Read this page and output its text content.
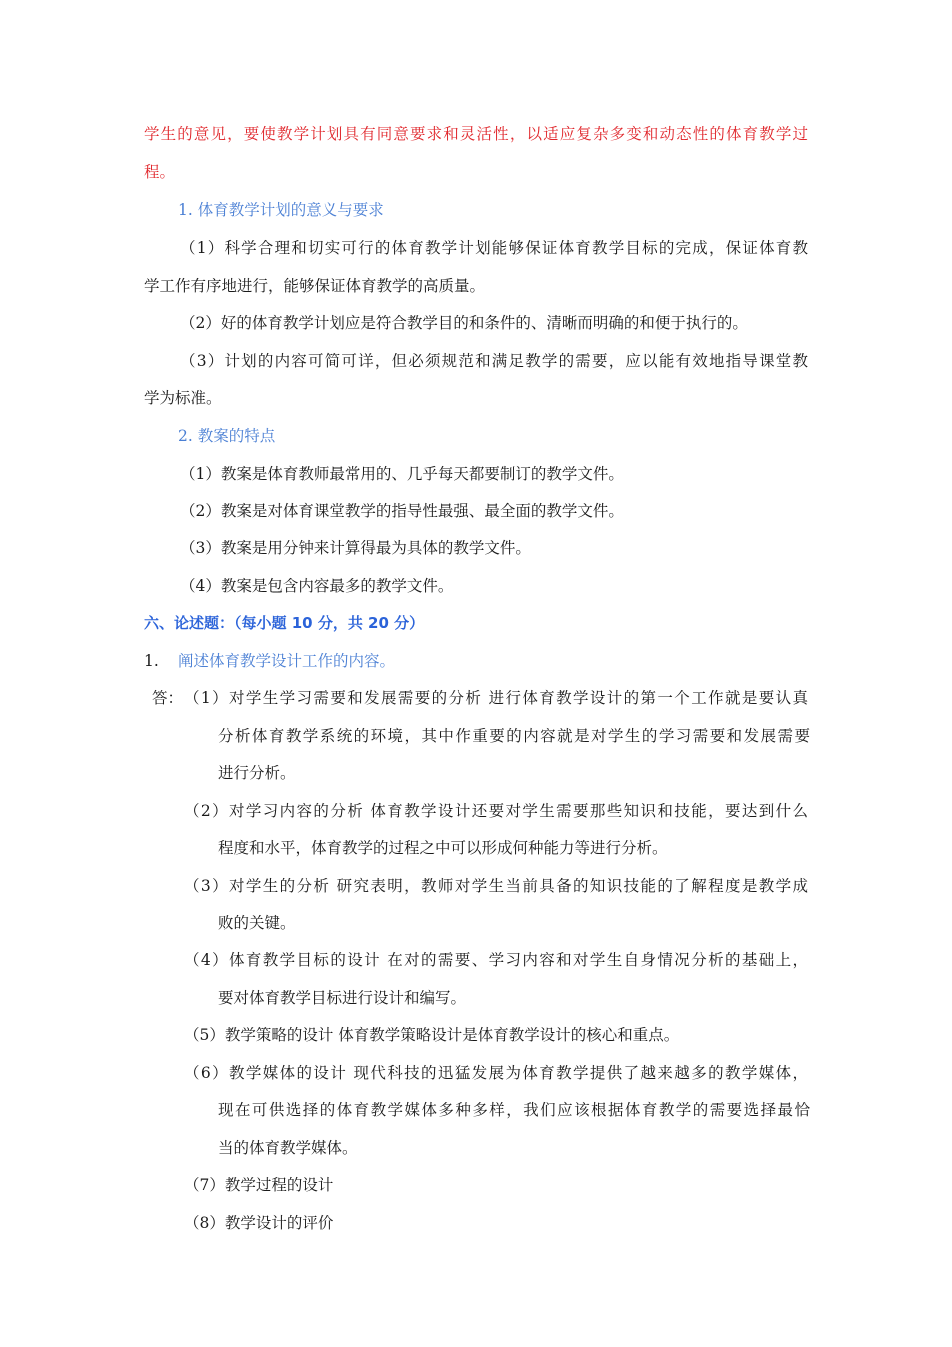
学生的意见，要使教学计划具有同意要求和灵活性，以适应复杂多变和动态性的体育教学过
程。
1. 体育教学计划的意义与要求
（1）科学合理和切实可行的体育教学计划能够保证体育教学目标的完成，保证体育教
学工作有序地进行，能够保证体育教学的高质量。
（2）好的体育教学计划应是符合教学目的和条件的、清晰而明确的和便于执行的。
（3）计划的内容可简可详，但必须规范和满足教学的需要，应以能有效地指导课堂教
学为标准。
2. 教案的特点
（1）教案是体育教师最常用的、几乎每天都要制订的教学文件。
（2）教案是对体育课堂教学的指导性最强、最全面的教学文件。
（3）教案是用分钟来计算得最为具体的教学文件。
（4）教案是包含内容最多的教学文件。
六、论述题：（每小题 10 分，共 20 分）
1. 阐述体育教学设计工作的内容。
答： （1）对学生学习需要和发展需要的分析 进行体育教学设计的第一个工作就是要认真
分析体育教学系统的环境，其中作重要的内容就是对学生的学习需要和发展需要
进行分析。
（2）对学习内容的分析 体育教学设计还要对学生需要那些知识和技能，要达到什么
程度和水平，体育教学的过程之中可以形成何种能力等进行分析。
（3）对学生的分析 研究表明，教师对学生当前具备的知识技能的了解程度是教学成
败的关键。
（4）体育教学目标的设计 在对的需要、学习内容和对学生自身情况分析的基础上，
要对体育教学目标进行设计和编写。
（5）教学策略的设计 体育教学策略设计是体育教学设计的核心和重点。
（6）教学媒体的设计 现代科技的迅猛发展为体育教学提供了越来越多的教学媒体，
现在可供选择的体育教学媒体多种多样，我们应该根据体育教学的需要选择最恰
当的体育教学媒体。
（7）教学过程的设计
（8）教学设计的评价
